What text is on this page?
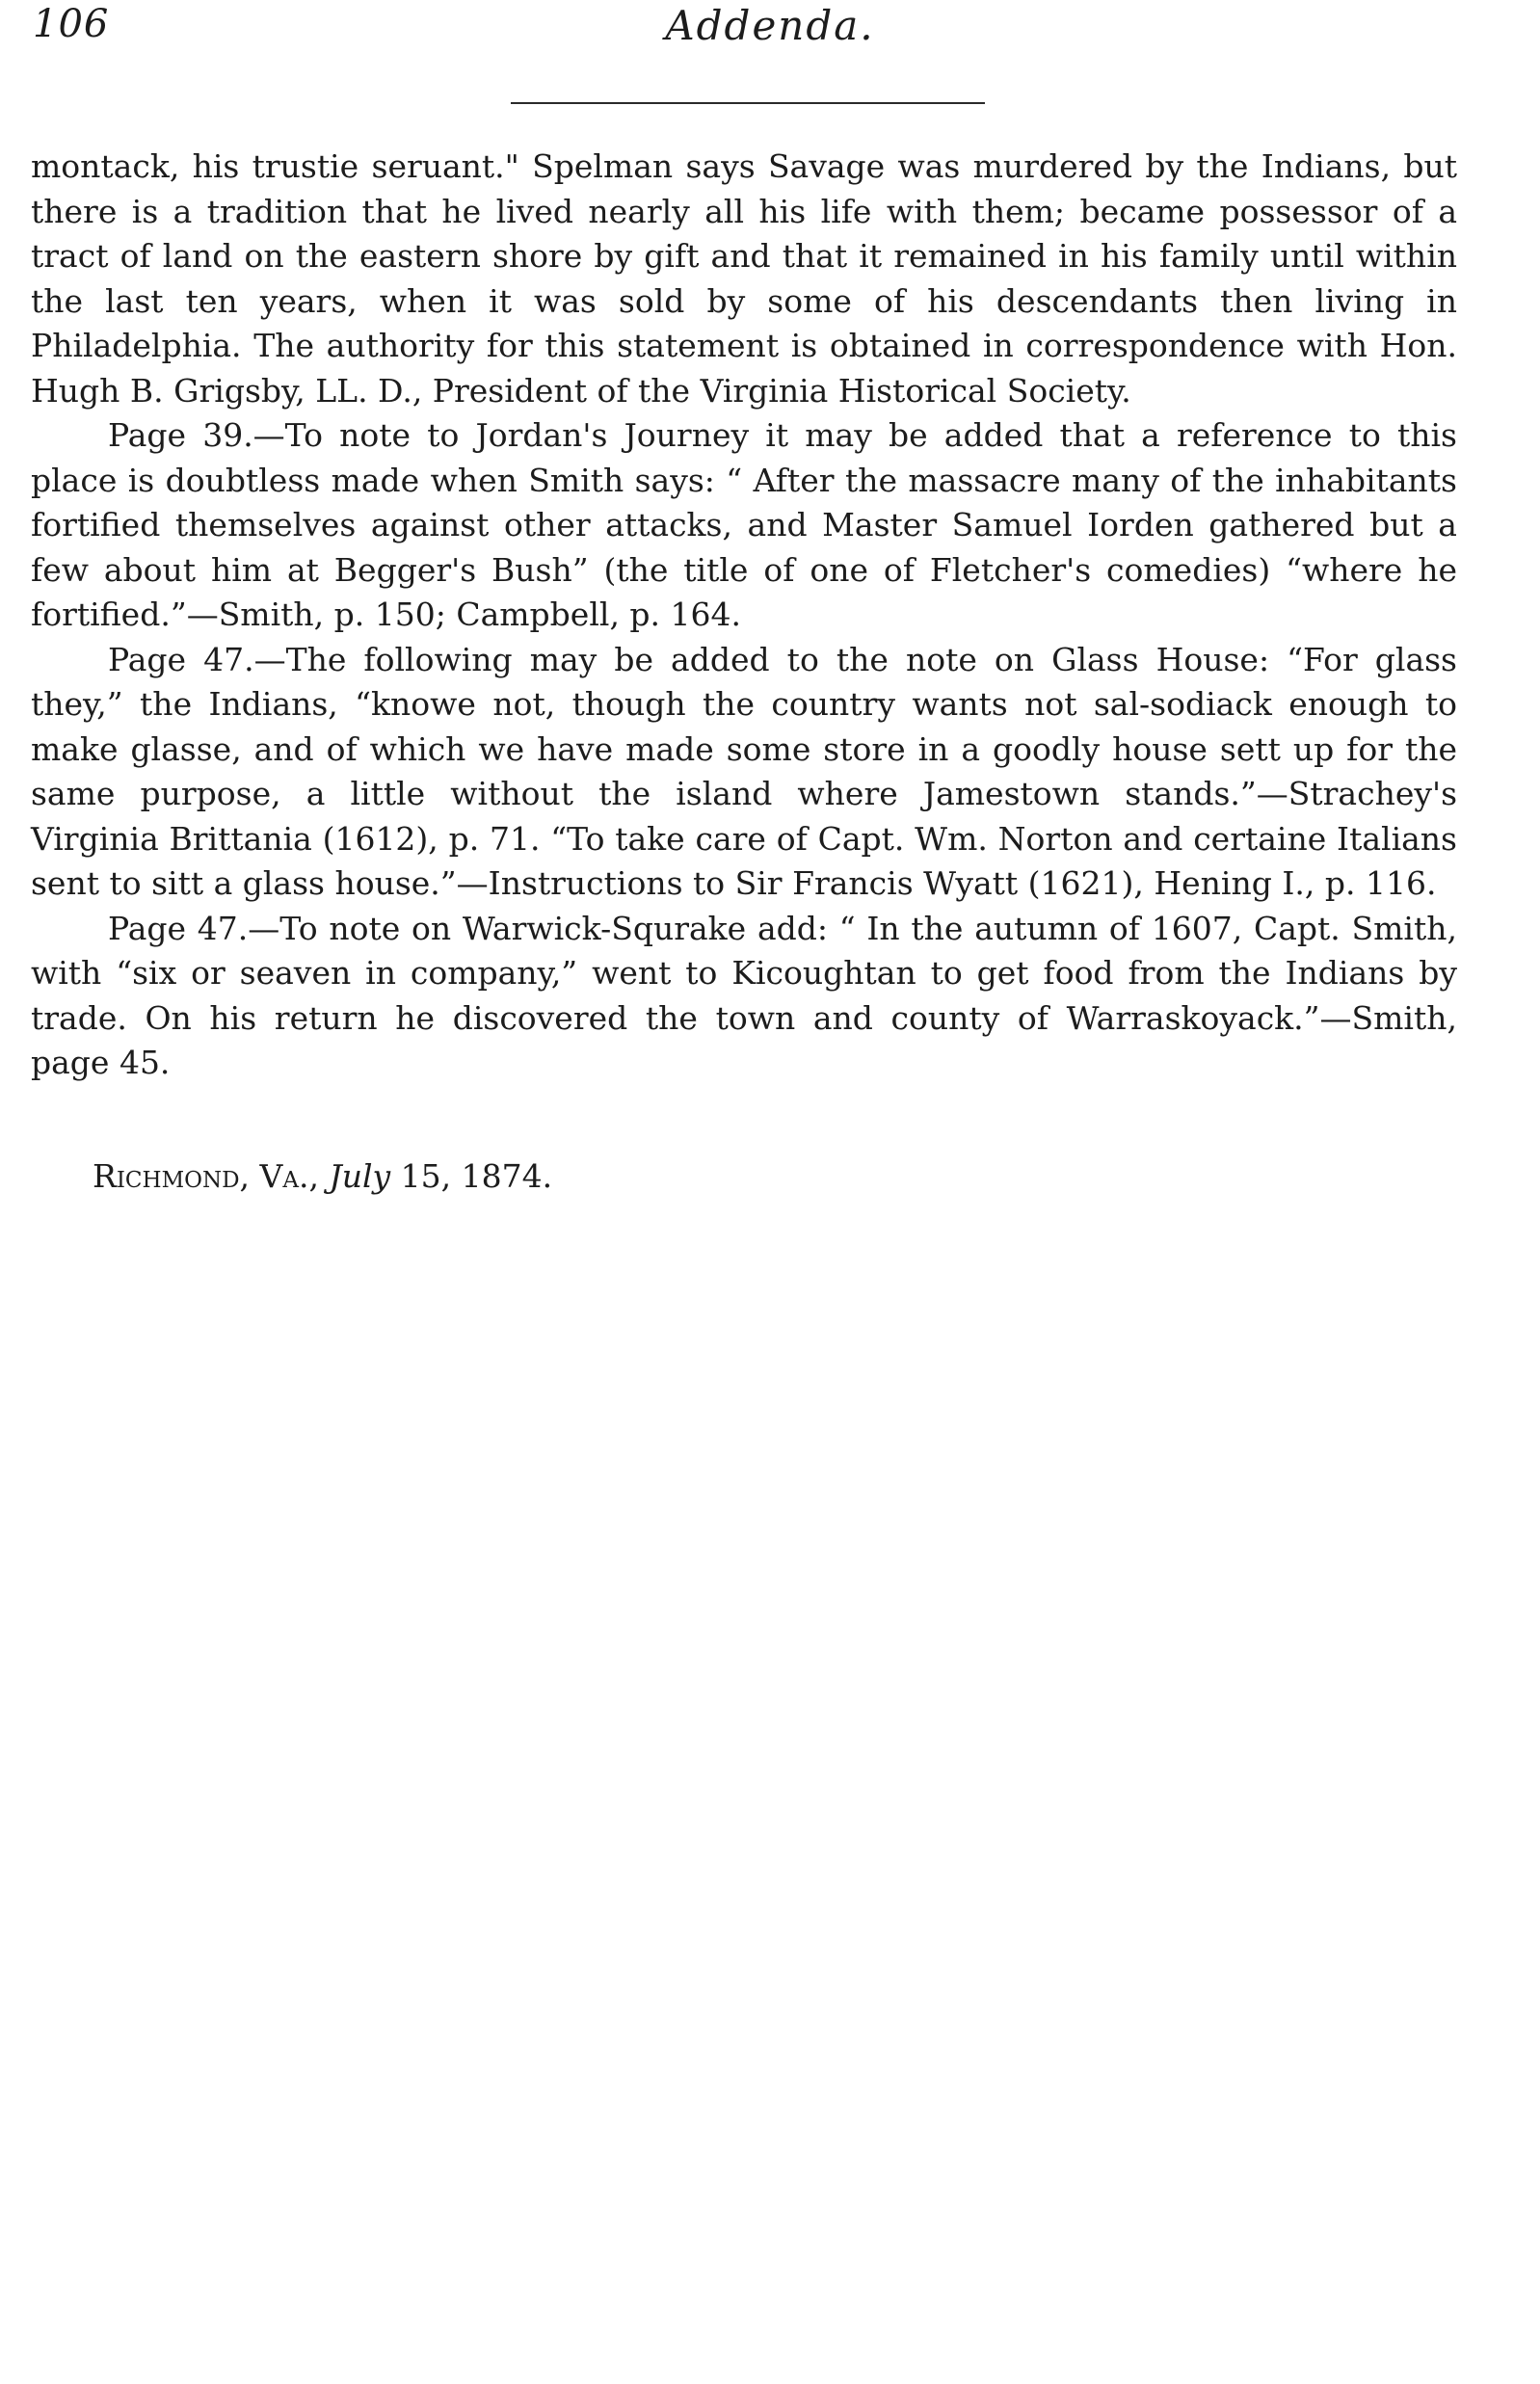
106	Addenda.

montack, his trustie seruant." Spelman says Savage was murdered by the Indians, but there is a tradition that he lived nearly all his life with them; became possessor of a tract of land on the eastern shore by gift and that it remained in his family until within the last ten years, when it was sold by some of his descendants then living in Philadelphia. The authority for this statement is obtained in correspondence with Hon. Hugh B. Grigsby, LL. D., President of the Virginia Historical Society.

Page 39.—To note to Jordan's Journey it may be added that a reference to this place is doubtless made when Smith says: “ After the massacre many of the inhabitants fortified themselves against other attacks, and Master Samuel Iorden gathered but a few about him at Begger's Bush” (the title of one of Fletcher's comedies) “where he fortified.”—Smith, p. 150; Campbell, p. 164.

Page 47.—The following may be added to the note on Glass House: “For glass they,” the Indians, “knowe not, though the country wants not sal-sodiack enough to make glasse, and of which we have made some store in a goodly house sett up for the same purpose, a little without the island where Jamestown stands.”—Strachey's Virginia Brittania (1612), p. 71. “To take care of Capt. Wm. Norton and certaine Italians sent to sitt a glass house.”—Instructions to Sir Francis Wyatt (1621), Hening I., p. 116.

Page 47.—To note on Warwick-Squrake add: “ In the autumn of 1607, Capt. Smith, with “six or seaven in company,” went to Kicoughtan to get food from the Indians by trade. On his return he discovered the town and county of Warraskoyack.”—Smith, page 45.

Richmond, Va., July 15, 1874.
